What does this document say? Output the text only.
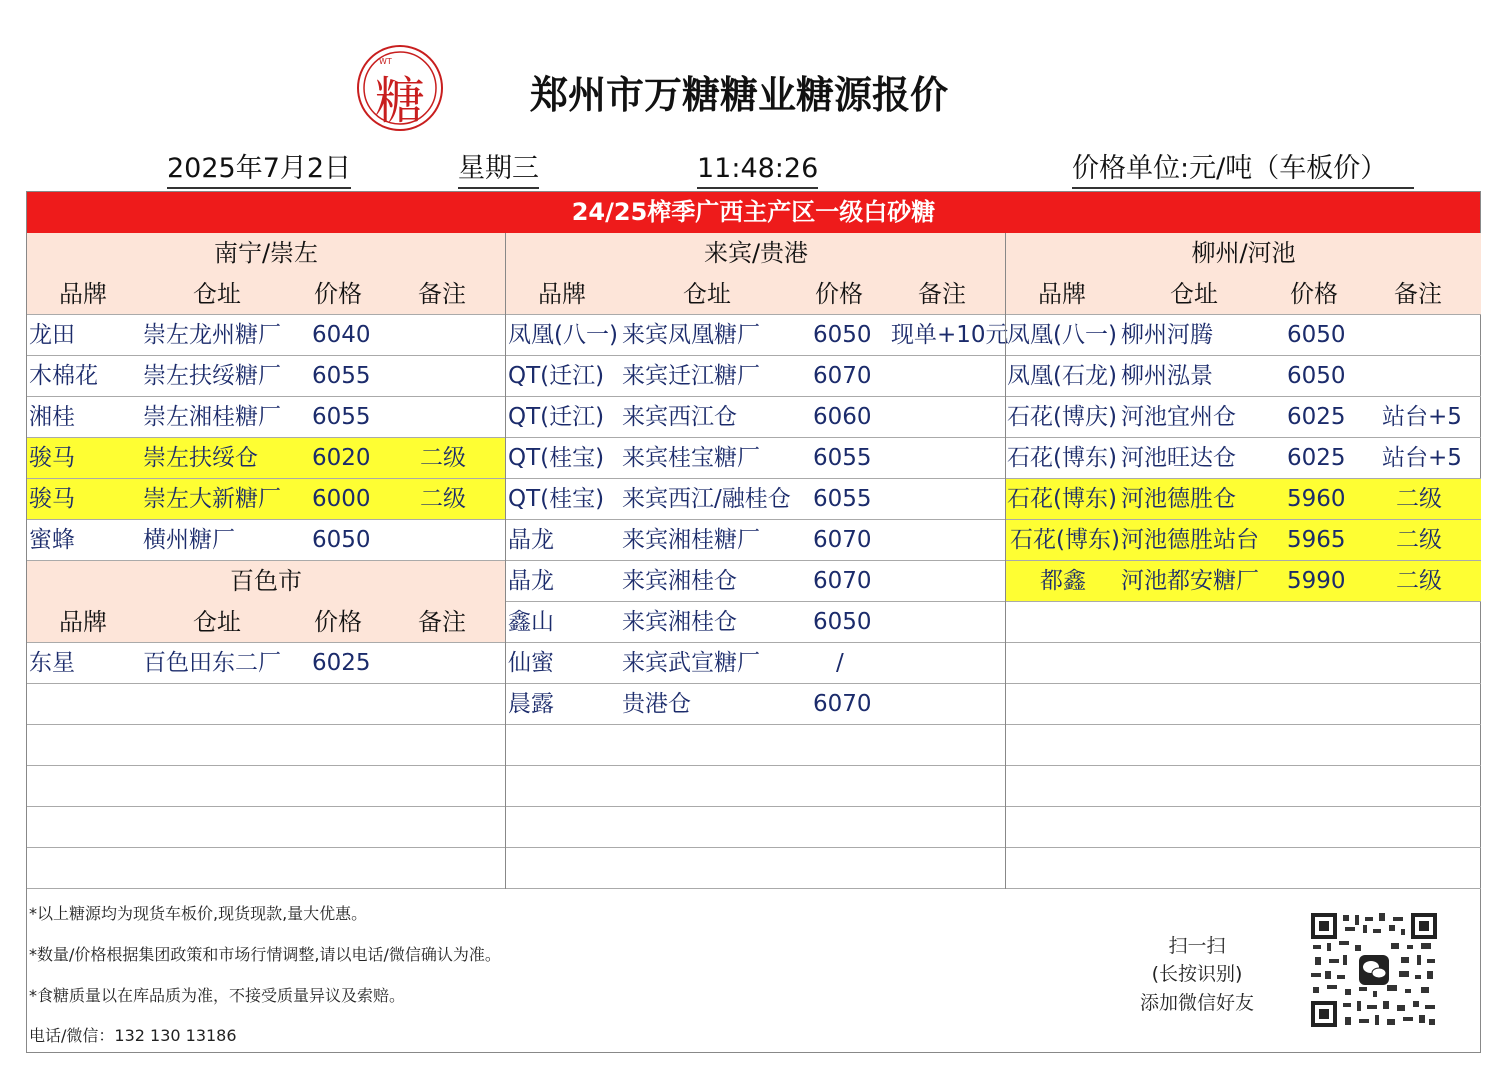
WT
糖	郑州市万糖糖业糖源报价
2025年7月2日	星期三	11:48:26	价格单位:元/吨（车板价）
24/25榨季广西主产区一级白砂糖
南宁/崇左
品牌	仓址	价格 备注
龙田	崇左龙州糖厂 6040
木棉花 崇左扶绥糖厂 6055
湘桂	崇左湘桂糖厂 6055
骏马	崇左扶绥仓 6020 二级
骏马	崇左大新糖厂 6000 二级
蜜蜂	横州糖厂	6050
百色市
品牌	仓址	价格 备注
东星	百色田东二厂 6025
来宾/贵港
品牌	仓址	价格 备注
凤凰(八一) 来宾凤凰糖厂 6050 现单+10元
QT(迁江) 来宾迁江糖厂 6070
QT(迁江) 来宾西江仓	6060
QT(桂宝) 来宾桂宝糖厂 6055
QT(桂宝) 来宾西江/融桂仓 6055
晶龙	来宾湘桂糖厂 6070
晶龙	来宾湘桂仓	6070
鑫山	来宾湘桂仓	6050
仙蜜	来宾武宣糖厂	/
晨露	贵港仓	6070
柳州/河池
品牌	仓址	价格 备注
凤凰(八一) 柳州河腾	6050
凤凰(石龙) 柳州泓景	6050
石花(博庆) 河池宜州仓 6025 站台+5
石花(博东) 河池旺达仓 6025 站台+5
石花(博东) 河池德胜仓 5960 二级
石花(博东) 河池德胜站台 5965 二级
都鑫 河池都安糖厂 5990 二级
*以上糖源均为现货车板价,现货现款,量大优惠。
*数量/价格根据集团政策和市场行情调整,请以电话/微信确认为准。
*食糖质量以在库品质为准，不接受质量异议及索赔。
电话/微信：132 130 13186
扫一扫
(长按识别)
添加微信好友
